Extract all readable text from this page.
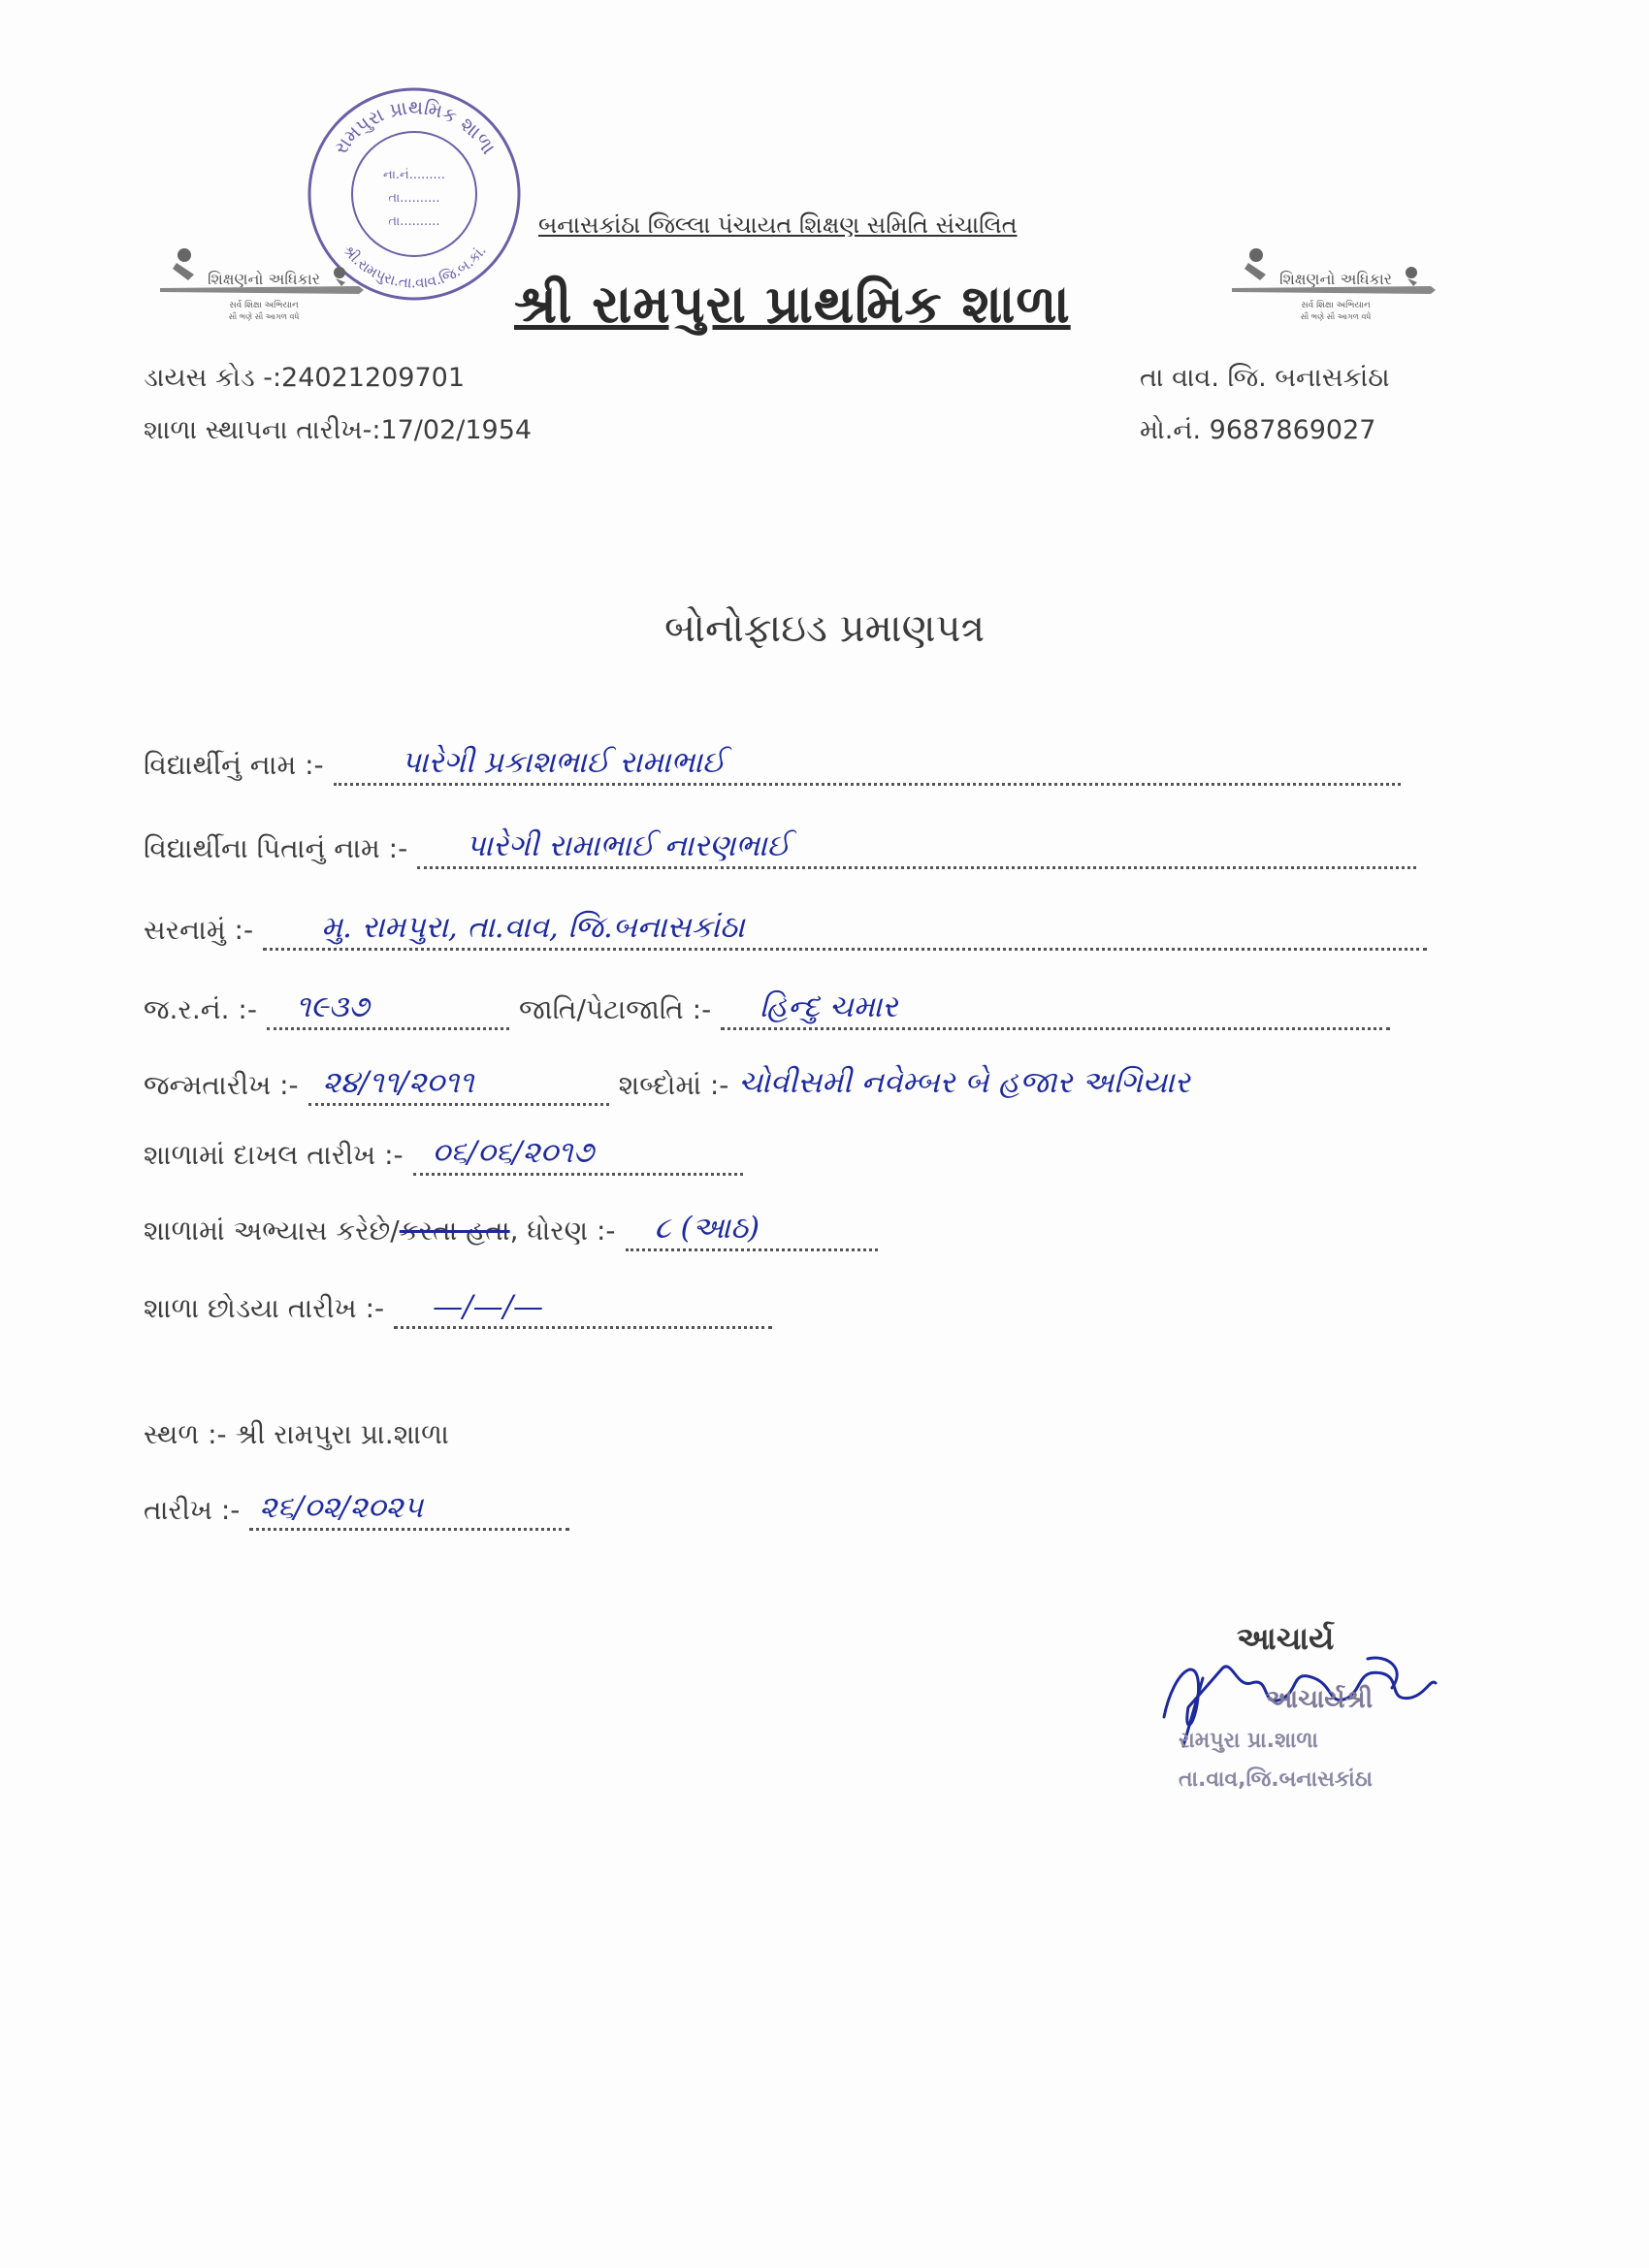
રામપુરા પ્રાથમિક શાળા
શ્રી.રામપુરા.તા.વાવ.જિ.બ.કાં.
ના.નં.........
તા..........
તા..........
શિક્ષણનો અધિકાર
સર્વ શિક્ષા અભિયાન
સૌ ભણે સૌ આગળ વધે
શિક્ષણનો અધિકાર
સર્વ શિક્ષા અભિયાન
સૌ ભણે સૌ આગળ વધે
બનાસકાંઠા જિલ્લા પંચાયત શિક્ષણ સમિતિ સંચાલિત
શ્રી રામપુરા પ્રાથમિક શાળા
ડાયસ કોડ -:24021209701
શાળા સ્થાપના તારીખ-:17/02/1954
તા વાવ. જિ. બનાસકાંઠા
મો.નં. 9687869027
બોનોફાઇડ પ્રમાણપત્ર
વિદ્યાર્થીનું નામ :-	પારેગી પ્રકાશભાઈ રામાભાઈ
વિદ્યાર્થીના પિતાનું નામ :- પારેગી રામાભાઈ નારણભાઈ
સરનામું :- મુ. રામપુરા, તા.વાવ, જિ.બનાસકાંઠા
જ.ર.નં. :- ૧૯૩૭	જાતિ/પેટાજાતિ :- હિન્દુ ચમાર
જન્મતારીખ :- ૨૪/૧૧/૨૦૧૧	શબ્દોમાં :- ચોવીસમી નવેમ્બર બે હજાર અગિયાર
શાળામાં દાખલ તારીખ :- ૦૬/૦૬/૨૦૧૭
શાળામાં અભ્યાસ કરેછે/કરતા હતા, ધોરણ :- ૮ (આઠ)
શાળા છોડયા તારીખ :- —/—/—
સ્થળ :- શ્રી રામપુરા પ્રા.શાળા
તારીખ :- ૨૬/૦૨/૨૦૨૫
આચાર્ય
આચાર્યશ્રી
રામપુરા પ્રા.શાળા
તા.વાવ,જિ.બનાસકાંઠા
